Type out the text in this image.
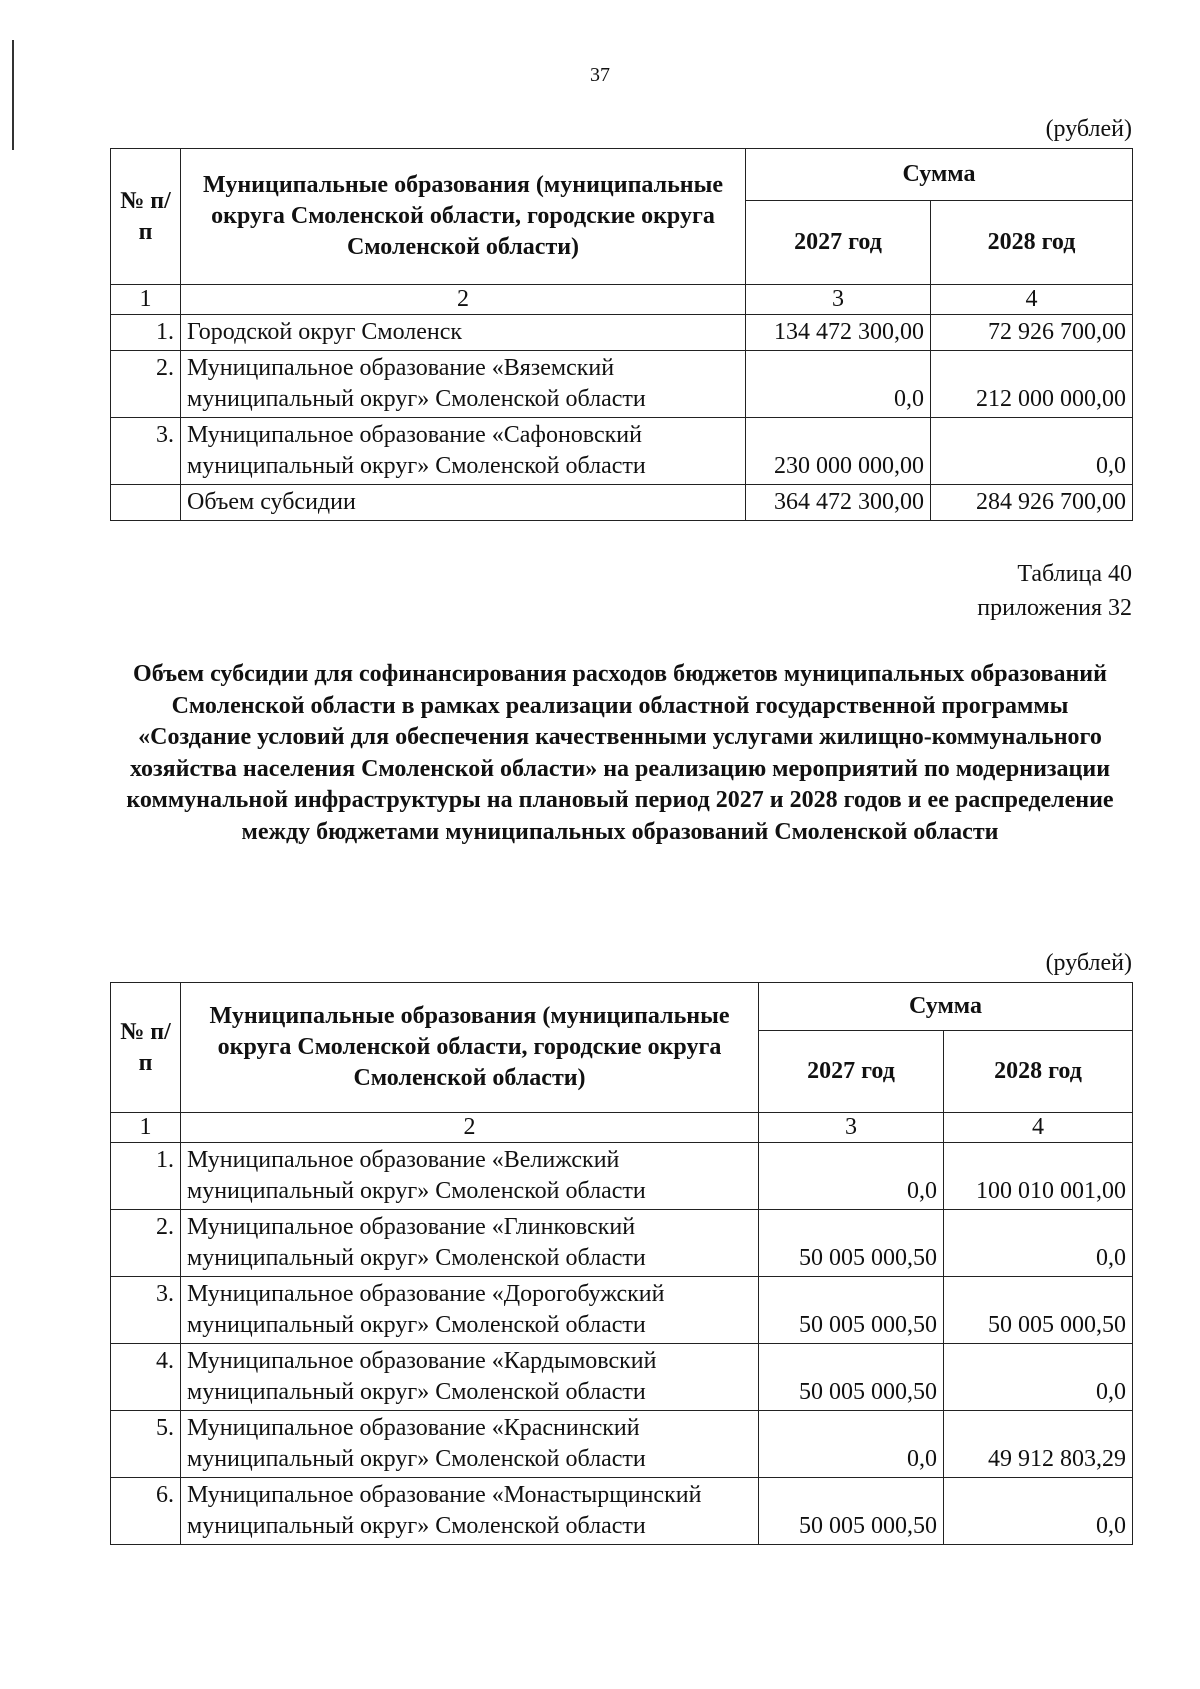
37
(рублей)
№ п/п	Муниципальные образования (муниципальные округа Смоленской области, городские округа Смоленской области)	Сумма	
		2027 год	2028 год
1	2	3	4
1.	Городской округ Смоленск	134 472 300,00	72 926 700,00
2.	Муниципальное образование «Вяземский муниципальный округ» Смоленской области	0,0	212 000 000,00
3.	Муниципальное образование «Сафоновский муниципальный округ» Смоленской области	230 000 000,00	0,0
	Объем субсидии	364 472 300,00	284 926 700,00
Таблица 40
приложения 32
Объем субсидии для софинансирования расходов бюджетов муниципальных образований Смоленской области в рамках реализации областной государственной программы «Создание условий для обеспечения качественными услугами жилищно-коммунального хозяйства населения Смоленской области» на реализацию мероприятий по модернизации коммунальной инфраструктуры на плановый период 2027 и 2028 годов и ее распределение между бюджетами муниципальных образований Смоленской области
(рублей)
№ п/п	Муниципальные образования (муниципальные округа Смоленской области, городские округа Смоленской области)	Сумма	
		2027 год	2028 год
1	2	3	4
1.	Муниципальное образование «Велижский муниципальный округ» Смоленской области	0,0	100 010 001,00
2.	Муниципальное образование «Глинковский муниципальный округ» Смоленской области	50 005 000,50	0,0
3.	Муниципальное образование «Дорогобужский муниципальный округ» Смоленской области	50 005 000,50	50 005 000,50
4.	Муниципальное образование «Кардымовский муниципальный округ» Смоленской области	50 005 000,50	0,0
5.	Муниципальное образование «Краснинский муниципальный округ» Смоленской области	0,0	49 912 803,29
6.	Муниципальное образование «Монастырщинский муниципальный округ» Смоленской области	50 005 000,50	0,0
